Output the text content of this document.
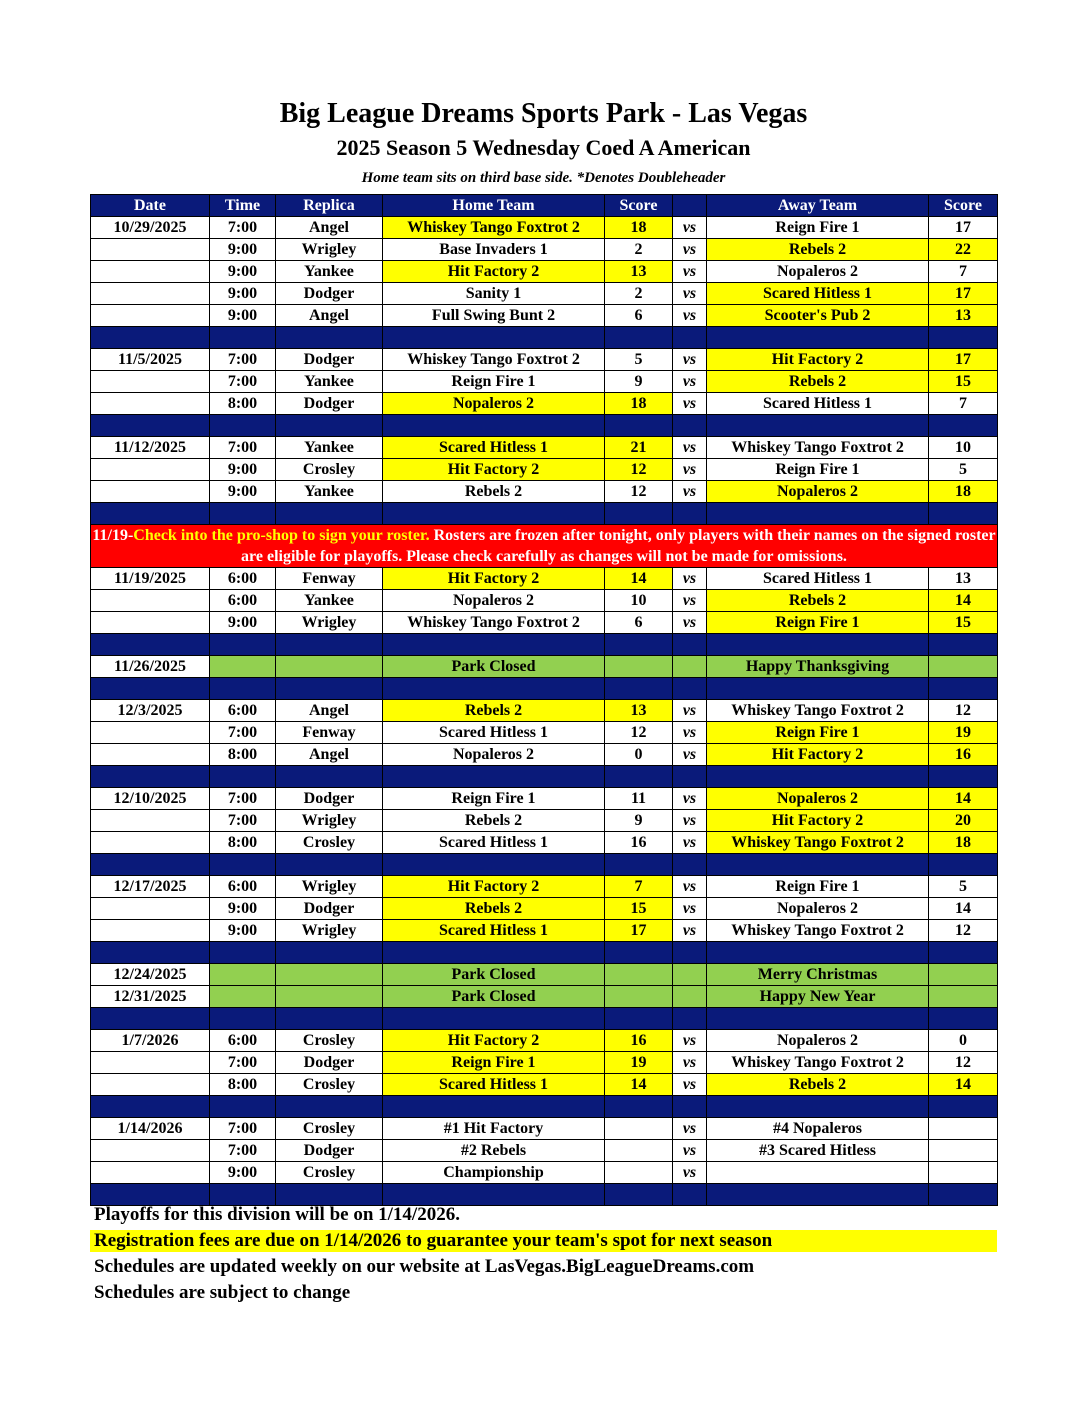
Big League Dreams Sports Park - Las Vegas
2025 Season 5 Wednesday Coed A American
Home team sits on third base side. *Denotes Doubleheader
Date	Time	Replica	Home Team	Score		Away Team	Score
10/29/2025	7:00	Angel	Whiskey Tango Foxtrot 2	18	vs	Reign Fire 1	17
	9:00	Wrigley	Base Invaders 1	2	vs	Rebels 2	22
	9:00	Yankee	Hit Factory 2	13	vs	Nopaleros 2	7
	9:00	Dodger	Sanity 1	2	vs	Scared Hitless 1	17
	9:00	Angel	Full Swing Bunt 2	6	vs	Scooter's Pub 2	13

11/5/2025	7:00	Dodger	Whiskey Tango Foxtrot 2	5	vs	Hit Factory 2	17
	7:00	Yankee	Reign Fire 1	9	vs	Rebels 2	15
	8:00	Dodger	Nopaleros 2	18	vs	Scared Hitless 1	7

11/12/2025	7:00	Yankee	Scared Hitless 1	21	vs	Whiskey Tango Foxtrot 2	10
	9:00	Crosley	Hit Factory 2	12	vs	Reign Fire 1	5
	9:00	Yankee	Rebels 2	12	vs	Nopaleros 2	18

11/19-Check into the pro-shop to sign your roster. Rosters are frozen after tonight, only players with their names on the signed roster are eligible for playoffs. Please check carefully as changes will not be made for omissions.							
11/19/2025	6:00	Fenway	Hit Factory 2	14	vs	Scared Hitless 1	13
	6:00	Yankee	Nopaleros 2	10	vs	Rebels 2	14
	9:00	Wrigley	Whiskey Tango Foxtrot 2	6	vs	Reign Fire 1	15

11/26/2025			Park Closed			Happy Thanksgiving	

12/3/2025	6:00	Angel	Rebels 2	13	vs	Whiskey Tango Foxtrot 2	12
	7:00	Fenway	Scared Hitless 1	12	vs	Reign Fire 1	19
	8:00	Angel	Nopaleros 2	0	vs	Hit Factory 2	16

12/10/2025	7:00	Dodger	Reign Fire 1	11	vs	Nopaleros 2	14
	7:00	Wrigley	Rebels 2	9	vs	Hit Factory 2	20
	8:00	Crosley	Scared Hitless 1	16	vs	Whiskey Tango Foxtrot 2	18

12/17/2025	6:00	Wrigley	Hit Factory 2	7	vs	Reign Fire 1	5
	9:00	Dodger	Rebels 2	15	vs	Nopaleros 2	14
	9:00	Wrigley	Scared Hitless 1	17	vs	Whiskey Tango Foxtrot 2	12

12/24/2025			Park Closed			Merry Christmas	
12/31/2025			Park Closed			Happy New Year	

1/7/2026	6:00	Crosley	Hit Factory 2	16	vs	Nopaleros 2	0
	7:00	Dodger	Reign Fire 1	19	vs	Whiskey Tango Foxtrot 2	12
	8:00	Crosley	Scared Hitless 1	14	vs	Rebels 2	14

1/14/2026	7:00	Crosley	#1 Hit Factory		vs	#4 Nopaleros	
	7:00	Dodger	#2 Rebels		vs	#3 Scared Hitless	
	9:00	Crosley	Championship		vs		

Playoffs for this division will be on 1/14/2026.
Registration fees are due on 1/14/2026 to guarantee your team's spot for next season
Schedules are updated weekly on our website at LasVegas.BigLeagueDreams.com
Schedules are subject to change
